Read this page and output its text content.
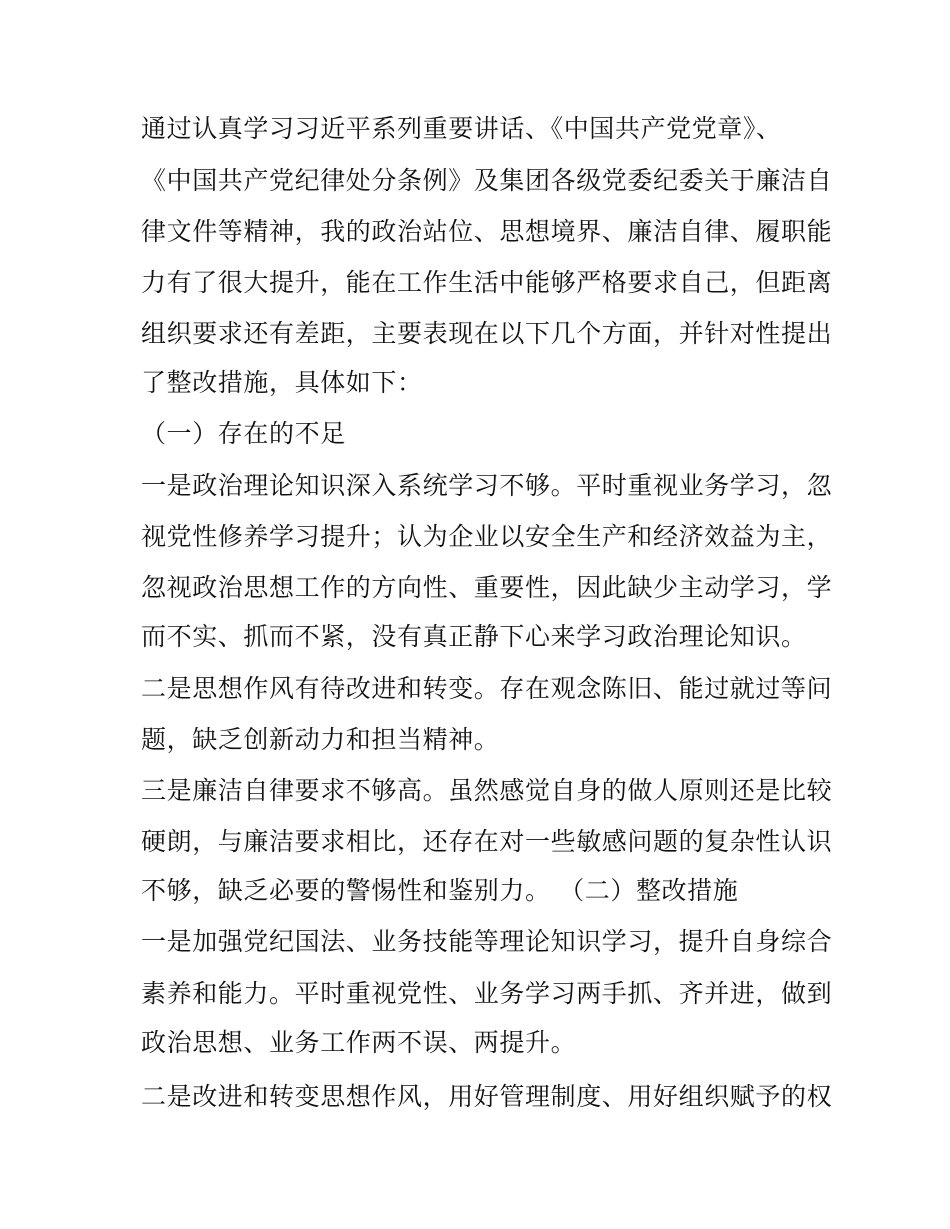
通过认真学习习近平系列重要讲话、《中国共产党党章》、

《中国共产党纪律处分条例》及集团各级党委纪委关于廉洁自

律文件等精神，我的政治站位、思想境界、廉洁自律、履职能

力有了很大提升，能在工作生活中能够严格要求自己，但距离

组织要求还有差距，主要表现在以下几个方面，并针对性提出

了整改措施，具体如下：

（一）存在的不足

一是政治理论知识深入系统学习不够。平时重视业务学习，忽

视党性修养学习提升；认为企业以安全生产和经济效益为主，

忽视政治思想工作的方向性、重要性，因此缺少主动学习，学

而不实、抓而不紧，没有真正静下心来学习政治理论知识。

二是思想作风有待改进和转变。存在观念陈旧、能过就过等问

题，缺乏创新动力和担当精神。

三是廉洁自律要求不够高。虽然感觉自身的做人原则还是比较

硬朗，与廉洁要求相比，还存在对一些敏感问题的复杂性认识

不够，缺乏必要的警惕性和鉴别力。 （二）整改措施

一是加强党纪国法、业务技能等理论知识学习，提升自身综合

素养和能力。平时重视党性、业务学习两手抓、齐并进，做到

政治思想、业务工作两不误、两提升。

二是改进和转变思想作风，用好管理制度、用好组织赋予的权
